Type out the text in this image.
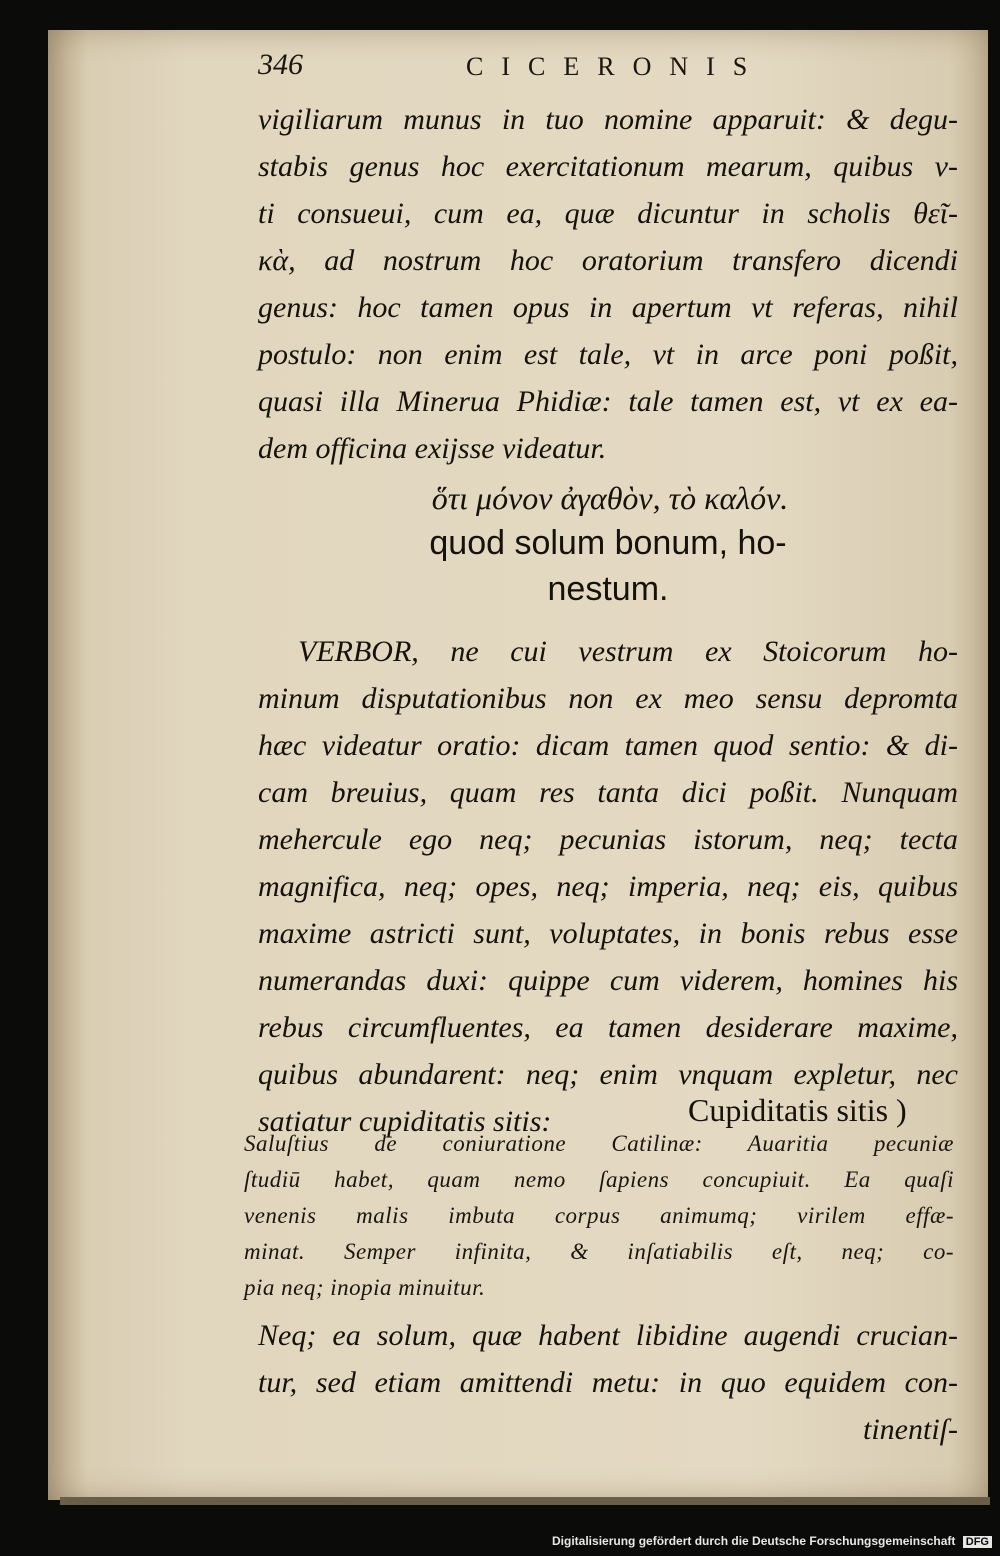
346	CICERONIS
vigiliarum munus in tuo nomine apparuit: & degu-
stabis genus hoc exercitationum mearum, quibus v-
ti consueui, cum ea, quæ dicuntur in scholis θεῖ-
κὰ, ad nostrum hoc oratorium transfero dicendi
genus: hoc tamen opus in apertum vt referas, nihil
postulo: non enim est tale, vt in arce poni poßit,
quasi illa Minerua Phidiæ: tale tamen est, vt ex ea-
dem officina exijsse videatur.
ὅτι μόνον ἀγαθὸν, τὸ καλόν.
quod solum bonum, ho-
nestum.
VERBOR, ne cui vestrum ex Stoicorum ho-
minum disputationibus non ex meo sensu depromta
hæc videatur oratio: dicam tamen quod sentio: & di-
cam breuius, quam res tanta dici poßit. Nunquam
mehercule ego neq; pecunias istorum, neq; tecta
magnifica, neq; opes, neq; imperia, neq; eis, quibus
maxime astricti sunt, voluptates, in bonis rebus esse
numerandas duxi: quippe cum viderem, homines his
rebus circumfluentes, ea tamen desiderare maxime,
quibus abundarent: neq; enim vnquam expletur, nec
satiatur cupiditatis sitis:	Cupiditatis sitis )
Saluſtius de coniuratione Catilinæ: Auaritia pecuniæ
ſtudiū habet, quam nemo ſapiens concupiuit. Ea quaſi
venenis malis imbuta corpus animumq; virilem effæ-
minat. Semper infinita, & inſatiabilis eſt, neq; co-
pia neq; inopia minuitur.
Neq; ea solum, quæ habent libidine augendi crucian-
tur, sed etiam amittendi metu: in quo equidem con-
tinentiſ-
Digitalisierung gefördert durch die Deutsche Forschungsgemeinschaft DFG
